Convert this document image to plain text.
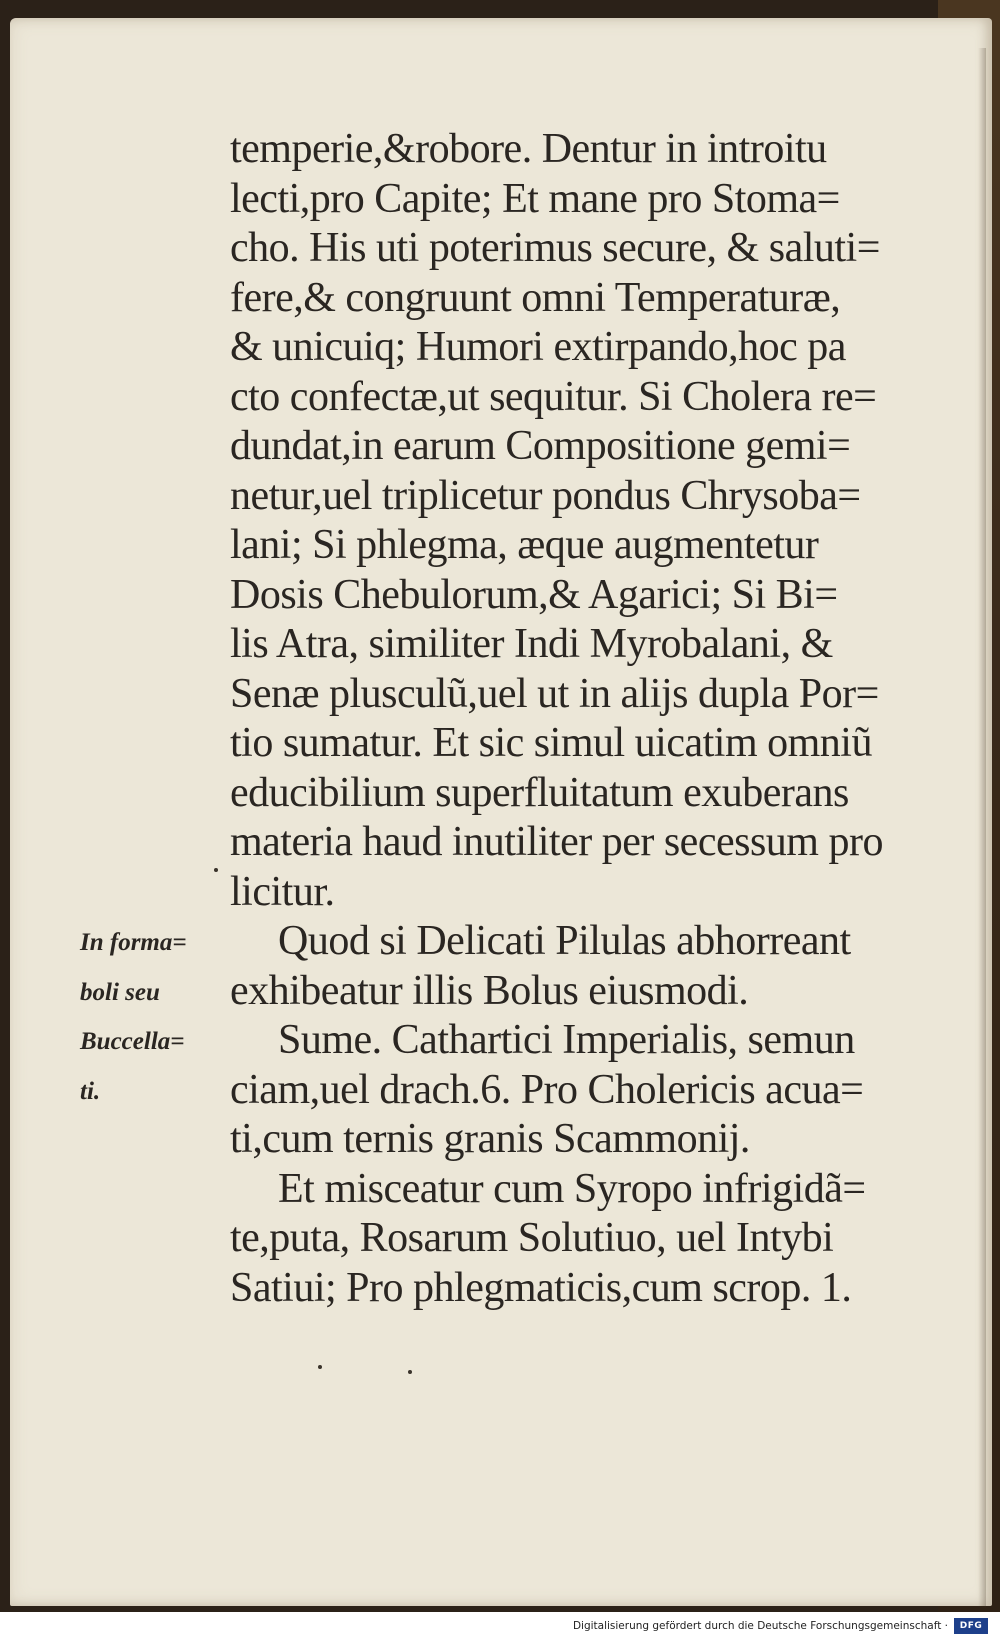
temperie,&robore. Dentur in introitu
lecti,pro Capite; Et mane pro Stoma=
cho. His uti poterimus secure, & saluti=
fere,& congruunt omni Temperaturæ,
& unicuiq; Humori extirpando,hoc pa
cto confectæ,ut sequitur. Si Cholera re=
dundat,in earum Compositione gemi=
netur,uel triplicetur pondus Chrysoba=
lani; Si phlegma, æque augmentetur
Dosis Chebulorum,& Agarici; Si Bi=
lis Atra, similiter Indi Myrobalani, &
Senæ plusculũ,uel ut in alijs dupla Por=
tio sumatur. Et sic simul uicatim omniũ
educibilium superfluitatum exuberans
materia haud inutiliter per secessum pro
licitur.
Quod si Delicati Pilulas abhorreant
exhibeatur illis Bolus eiusmodi.
Sume. Cathartici Imperialis, semun
ciam,uel drach.6. Pro Cholericis acua=
ti,cum ternis granis Scammonij.
Et misceatur cum Syropo infrigidã=
te,puta, Rosarum Solutiuo, uel Intybi
Satiui; Pro phlegmaticis,cum scrop. 1.
In forma=
boli seu
Buccella=
ti.
Digitalisierung gefördert durch die Deutsche Forschungsgemeinschaft ·	DFG
